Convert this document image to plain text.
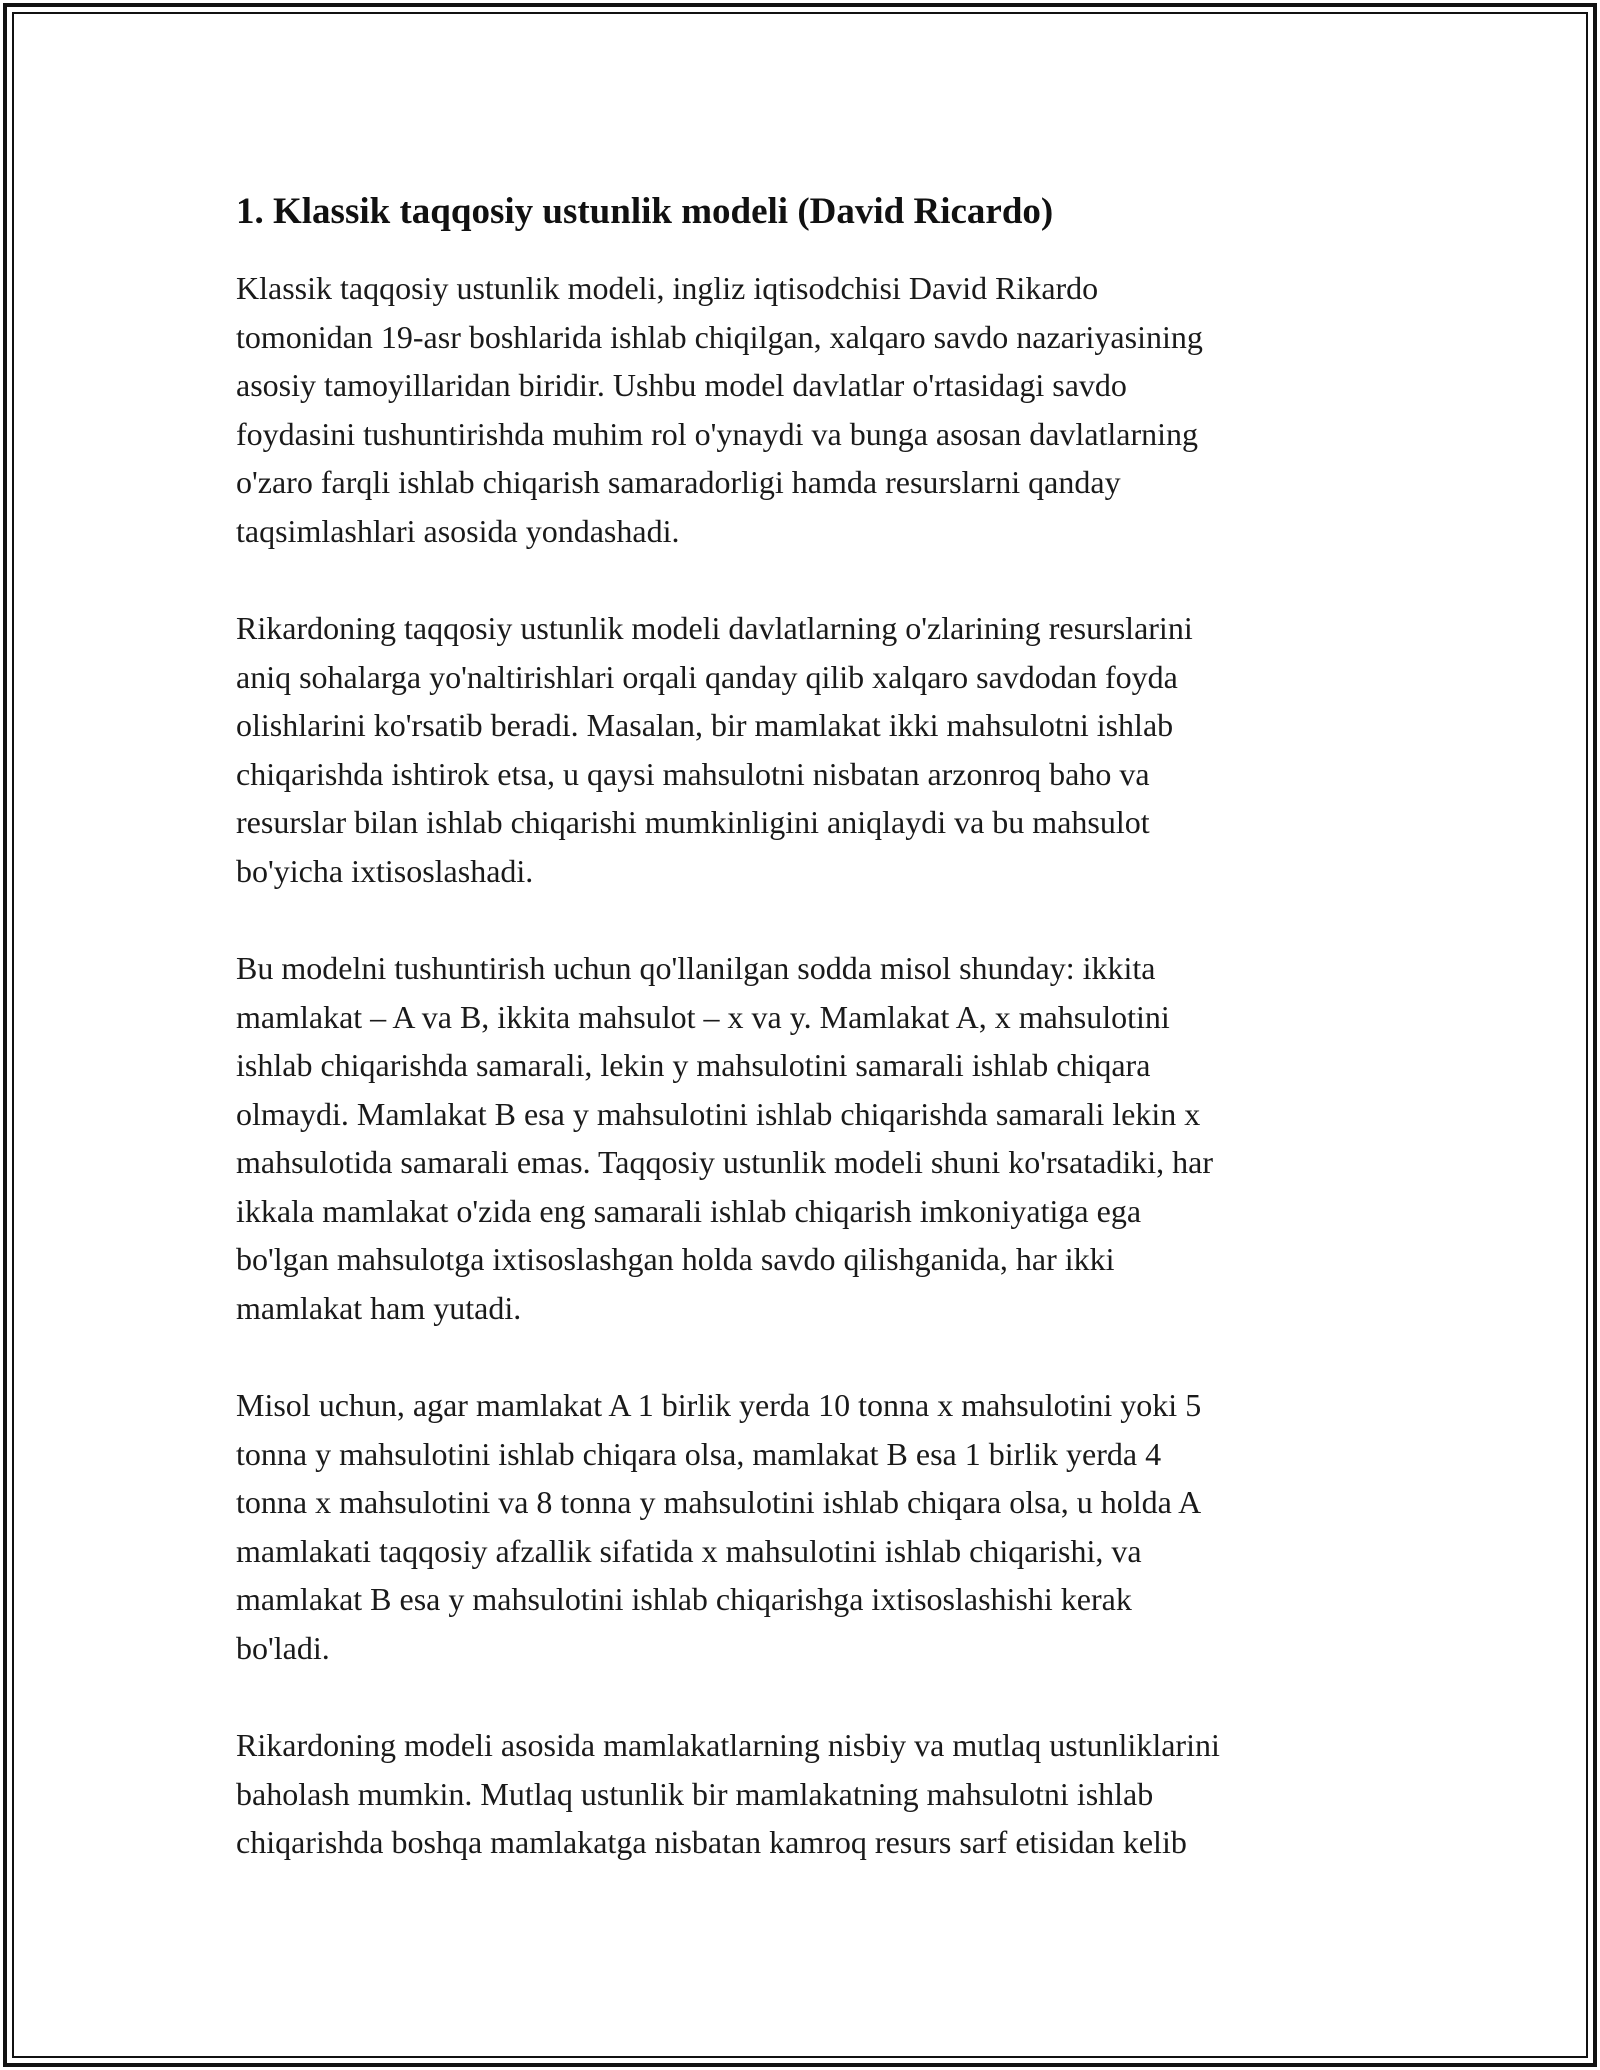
1. Klassik taqqosiy ustunlik modeli (David Ricardo)

Klassik taqqosiy ustunlik modeli, ingliz iqtisodchisi David Rikardo
tomonidan 19-asr boshlarida ishlab chiqilgan, xalqaro savdo nazariyasining
asosiy tamoyillaridan biridir. Ushbu model davlatlar o'rtasidagi savdo
foydasini tushuntirishda muhim rol o'ynaydi va bunga asosan davlatlarning
o'zaro farqli ishlab chiqarish samaradorligi hamda resurslarni qanday
taqsimlashlari asosida yondashadi.

Rikardoning taqqosiy ustunlik modeli davlatlarning o'zlarining resurslarini
aniq sohalarga yo'naltirishlari orqali qanday qilib xalqaro savdodan foyda
olishlarini ko'rsatib beradi. Masalan, bir mamlakat ikki mahsulotni ishlab
chiqarishda ishtirok etsa, u qaysi mahsulotni nisbatan arzonroq baho va
resurslar bilan ishlab chiqarishi mumkinligini aniqlaydi va bu mahsulot
bo'yicha ixtisoslashadi.

Bu modelni tushuntirish uchun qo'llanilgan sodda misol shunday: ikkita
mamlakat – A va B, ikkita mahsulot – x va y. Mamlakat A, x mahsulotini
ishlab chiqarishda samarali, lekin y mahsulotini samarali ishlab chiqara
olmaydi. Mamlakat B esa y mahsulotini ishlab chiqarishda samarali lekin x
mahsulotida samarali emas. Taqqosiy ustunlik modeli shuni ko'rsatadiki, har
ikkala mamlakat o'zida eng samarali ishlab chiqarish imkoniyatiga ega
bo'lgan mahsulotga ixtisoslashgan holda savdo qilishganida, har ikki
mamlakat ham yutadi.

Misol uchun, agar mamlakat A 1 birlik yerda 10 tonna x mahsulotini yoki 5
tonna y mahsulotini ishlab chiqara olsa, mamlakat B esa 1 birlik yerda 4
tonna x mahsulotini va 8 tonna y mahsulotini ishlab chiqara olsa, u holda A
mamlakati taqqosiy afzallik sifatida x mahsulotini ishlab chiqarishi, va
mamlakat B esa y mahsulotini ishlab chiqarishga ixtisoslashishi kerak
bo'ladi.

Rikardoning modeli asosida mamlakatlarning nisbiy va mutlaq ustunliklarini
baholash mumkin. Mutlaq ustunlik bir mamlakatning mahsulotni ishlab
chiqarishda boshqa mamlakatga nisbatan kamroq resurs sarf etisidan kelib
